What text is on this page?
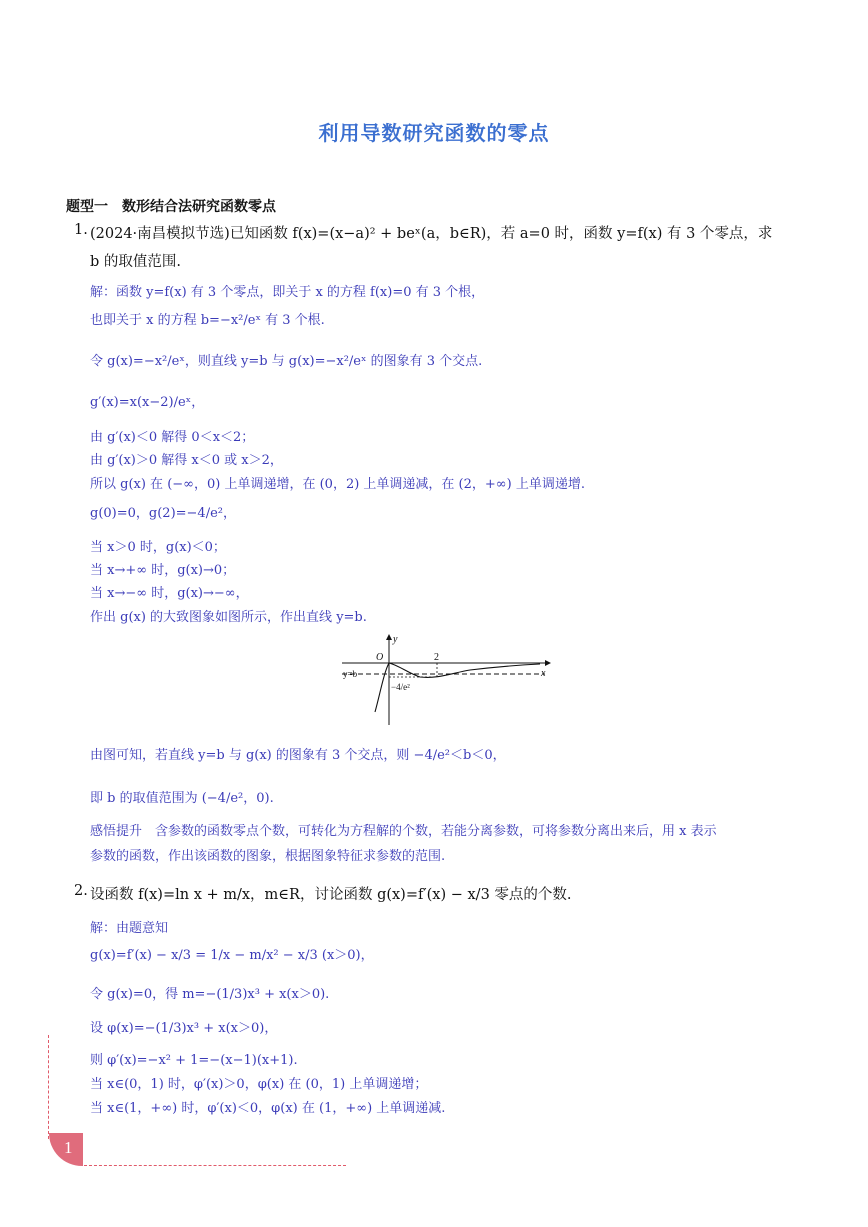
利用导数研究函数的零点
题型一　数形结合法研究函数零点
1. (2024·南昌模拟节选)已知函数 f(x)=(x−a)² + beˣ(a，b∈R)，若 a=0 时，函数 y=f(x) 有 3 个零点，求
b 的取值范围.
解：函数 y=f(x) 有 3 个零点，即关于 x 的方程 f(x)=0 有 3 个根，
也即关于 x 的方程 b=−x²/eˣ 有 3 个根.
令 g(x)=−x²/eˣ，则直线 y=b 与 g(x)=−x²/eˣ 的图象有 3 个交点.
g′(x)=x(x−2)/eˣ，
由 g′(x)＜0 解得 0＜x＜2；
由 g′(x)＞0 解得 x＜0 或 x＞2，
所以 g(x) 在 (−∞，0) 上单调递增，在 (0，2) 上单调递减，在 (2，+∞) 上单调递增.
g(0)=0，g(2)=−4/e²，
当 x＞0 时，g(x)＜0；
当 x→+∞ 时，g(x)→0；
当 x→−∞ 时，g(x)→−∞，
作出 g(x) 的大致图象如图所示，作出直线 y=b.
y
x
O	2
y=b
−4/e²
由图可知，若直线 y=b 与 g(x) 的图象有 3 个交点，则 −4/e²＜b＜0，
即 b 的取值范围为 (−4/e²，0).
感悟提升　含参数的函数零点个数，可转化为方程解的个数，若能分离参数，可将参数分离出来后，用 x 表示
参数的函数，作出该函数的图象，根据图象特征求参数的范围.
2. 设函数 f(x)=ln x + m/x，m∈R，讨论函数 g(x)=f′(x) − x/3 零点的个数.
解：由题意知
g(x)=f′(x) − x/3 = 1/x − m/x² − x/3 (x＞0)，
令 g(x)=0，得 m=−(1/3)x³ + x(x＞0).
设 φ(x)=−(1/3)x³ + x(x＞0)，
则 φ′(x)=−x² + 1=−(x−1)(x+1).
当 x∈(0，1) 时，φ′(x)＞0，φ(x) 在 (0，1) 上单调递增；
当 x∈(1，+∞) 时，φ′(x)＜0，φ(x) 在 (1，+∞) 上单调递减.
1
